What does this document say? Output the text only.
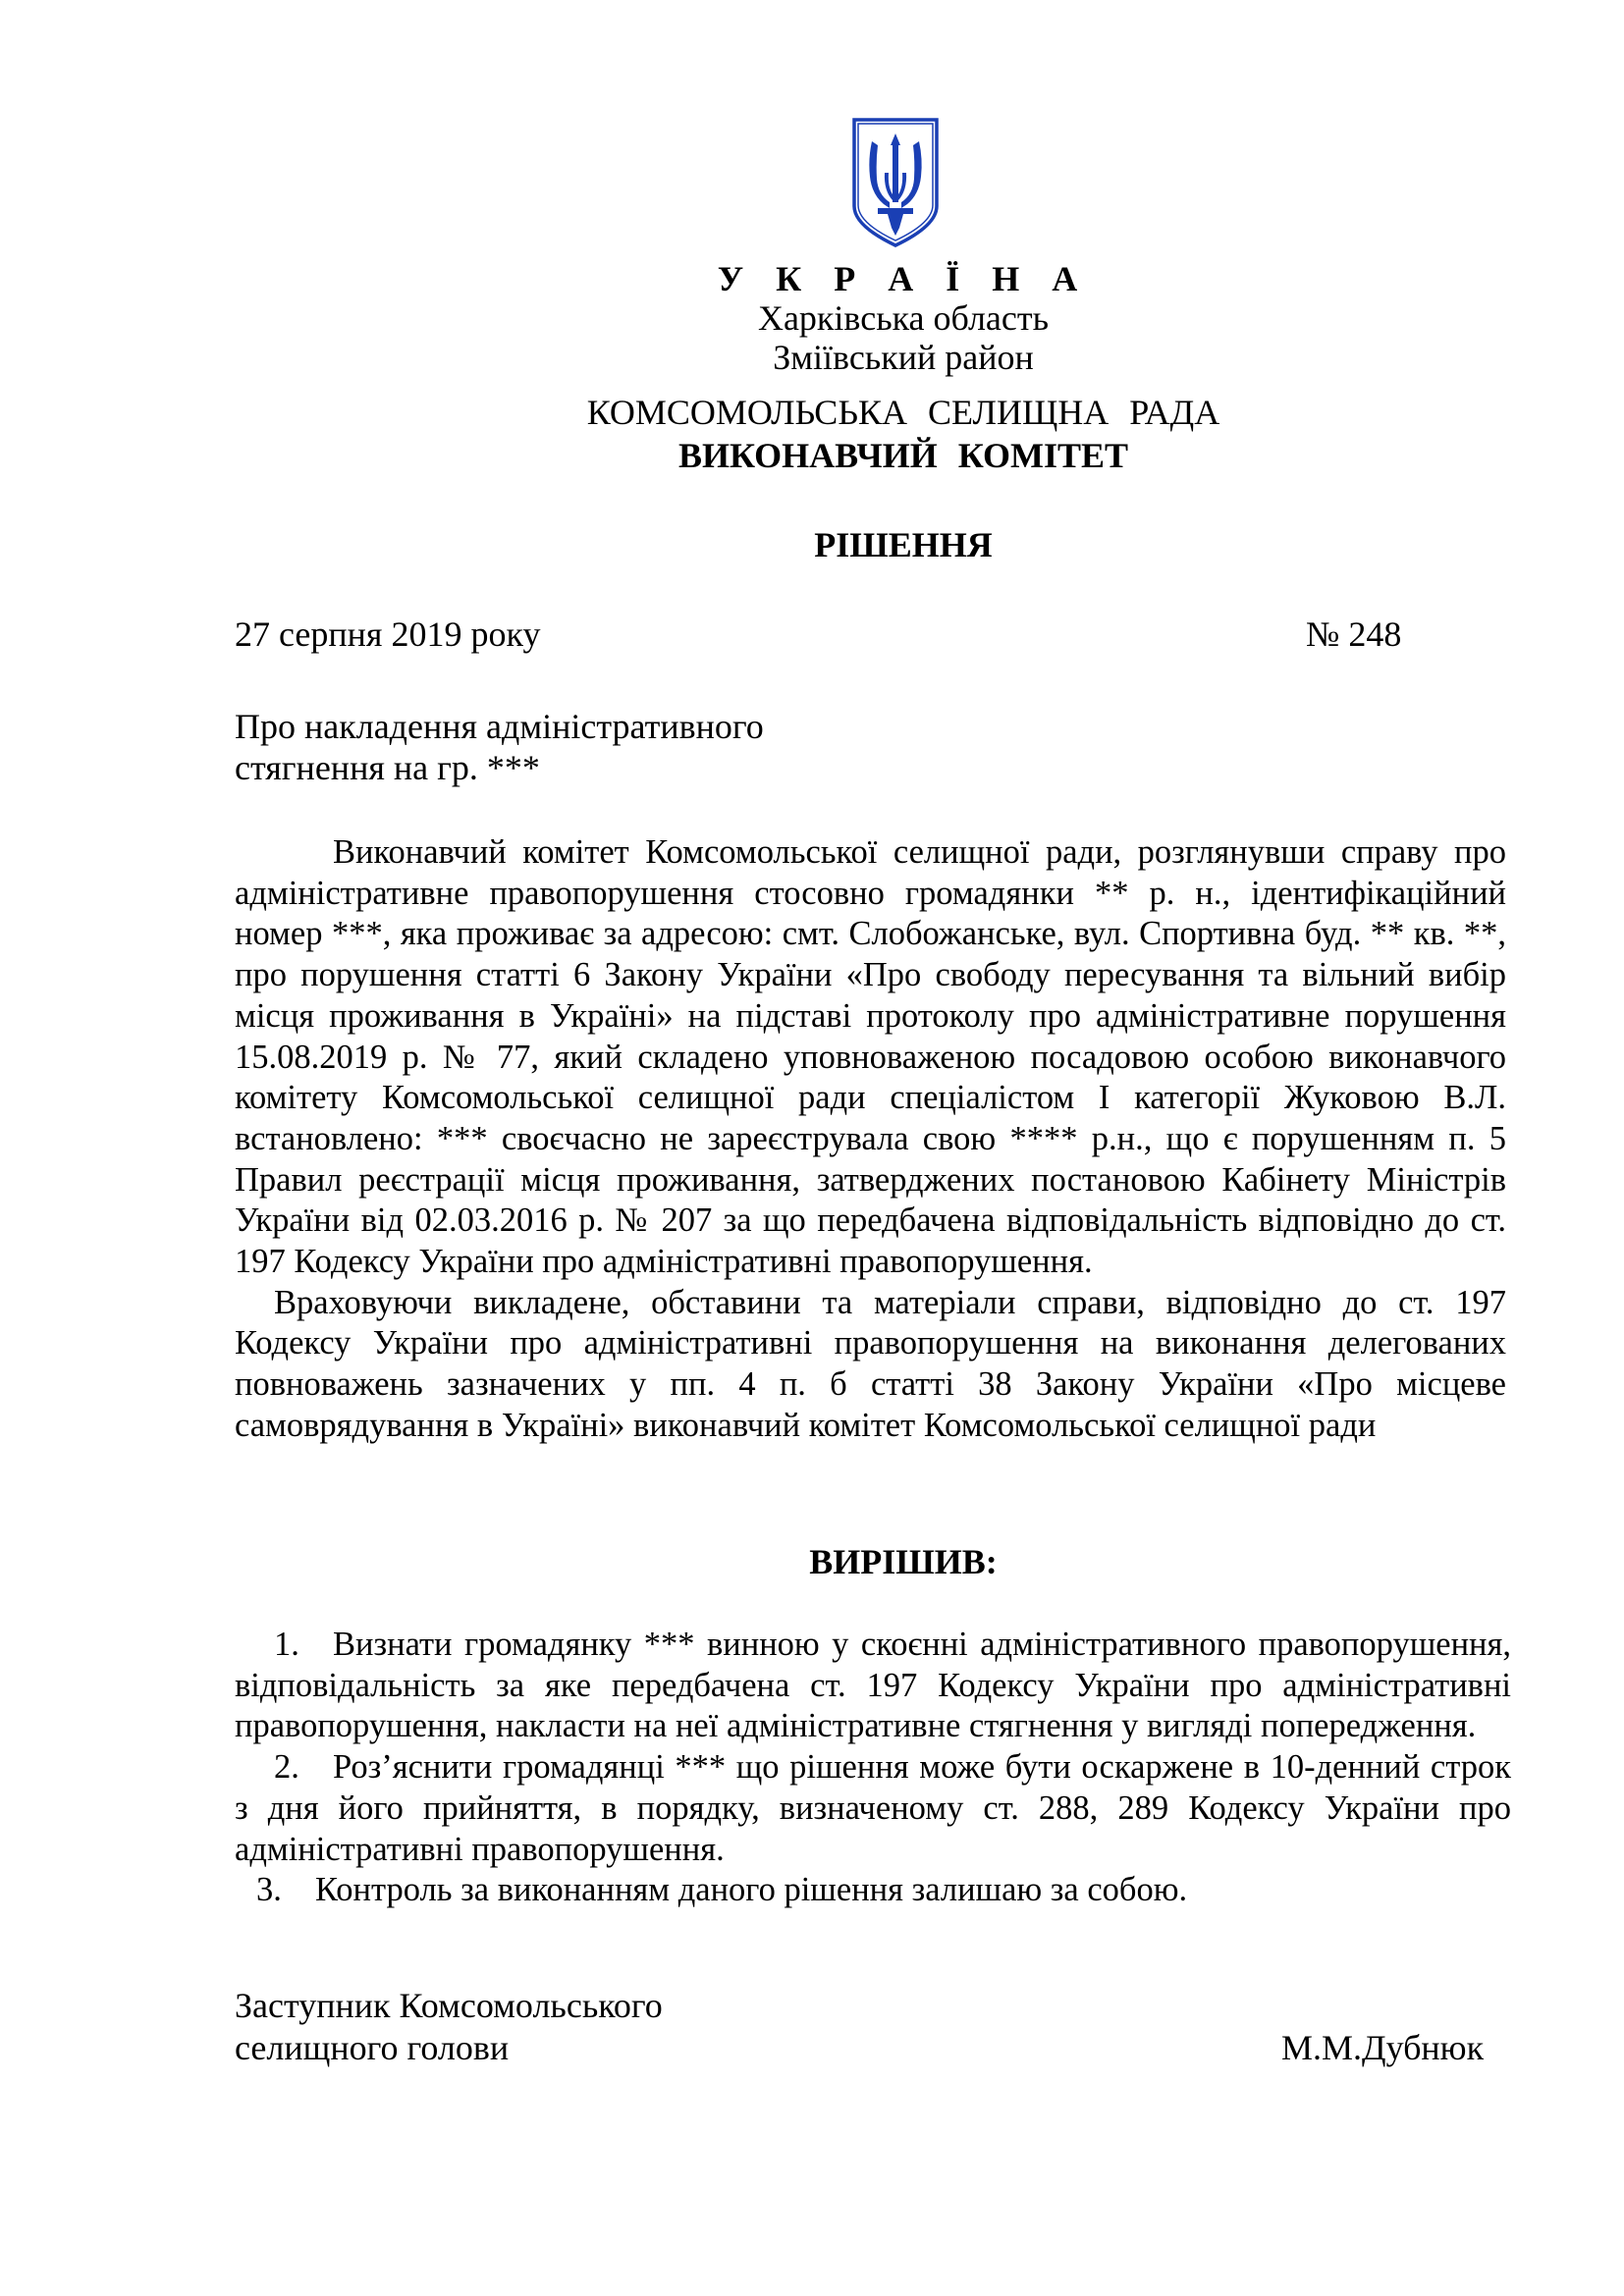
У К Р А Ї Н А
Харківська область
Зміївський район
КОМСОМОЛЬСЬКА СЕЛИЩНА РАДА
ВИКОНАВЧИЙ КОМІТЕТ
РІШЕННЯ
27 серпня 2019 року	№ 248
Про накладення адміністративного
стягнення на гр. ***

Виконавчий комітет Комсомольської селищної ради, розглянувши справу про адміністративне правопорушення стосовно громадянки ** р. н., ідентифікаційний номер ***, яка проживає за адресою: смт. Слобожанське, вул. Спортивна буд. ** кв. **, про порушення статті 6 Закону України «Про свободу пересування та вільний вибір місця проживання в Україні» на підставі протоколу про адміністративне порушення 15.08.2019 р. № 77, який складено уповноваженою посадовою особою виконавчого комітету Комсомольської селищної ради спеціалістом І категорії Жуковою В.Л. встановлено: *** своєчасно не зареєструвала свою **** р.н., що є порушенням п. 5 Правил реєстрації місця проживання, затверджених постановою Кабінету Міністрів України від 02.03.2016 р. № 207 за що передбачена відповідальність відповідно до ст. 197 Кодексу України про адміністративні правопорушення.

Враховуючи викладене, обставини та матеріали справи, відповідно до ст. 197 Кодексу України про адміністративні правопорушення на виконання делегованих повноважень зазначених у пп. 4 п. б статті 38 Закону України «Про місцеве самоврядування в Україні» виконавчий комітет Комсомольської селищної ради

ВИРІШИВ:

1. Визнати громадянку *** винною у скоєнні адміністративного правопорушення, відповідальність за яке передбачена ст. 197 Кодексу України про адміністративні правопорушення, накласти на неї адміністративне стягнення у вигляді попередження.

2. Роз’яснити громадянці *** що рішення може бути оскаржене в 10-денний строк з дня його прийняття, в порядку, визначеному ст. 288, 289 Кодексу України про адміністративні правопорушення.

3. Контроль за виконанням даного рішення залишаю за собою.

Заступник Комсомольського
селищного голови	М.М.Дубнюк
